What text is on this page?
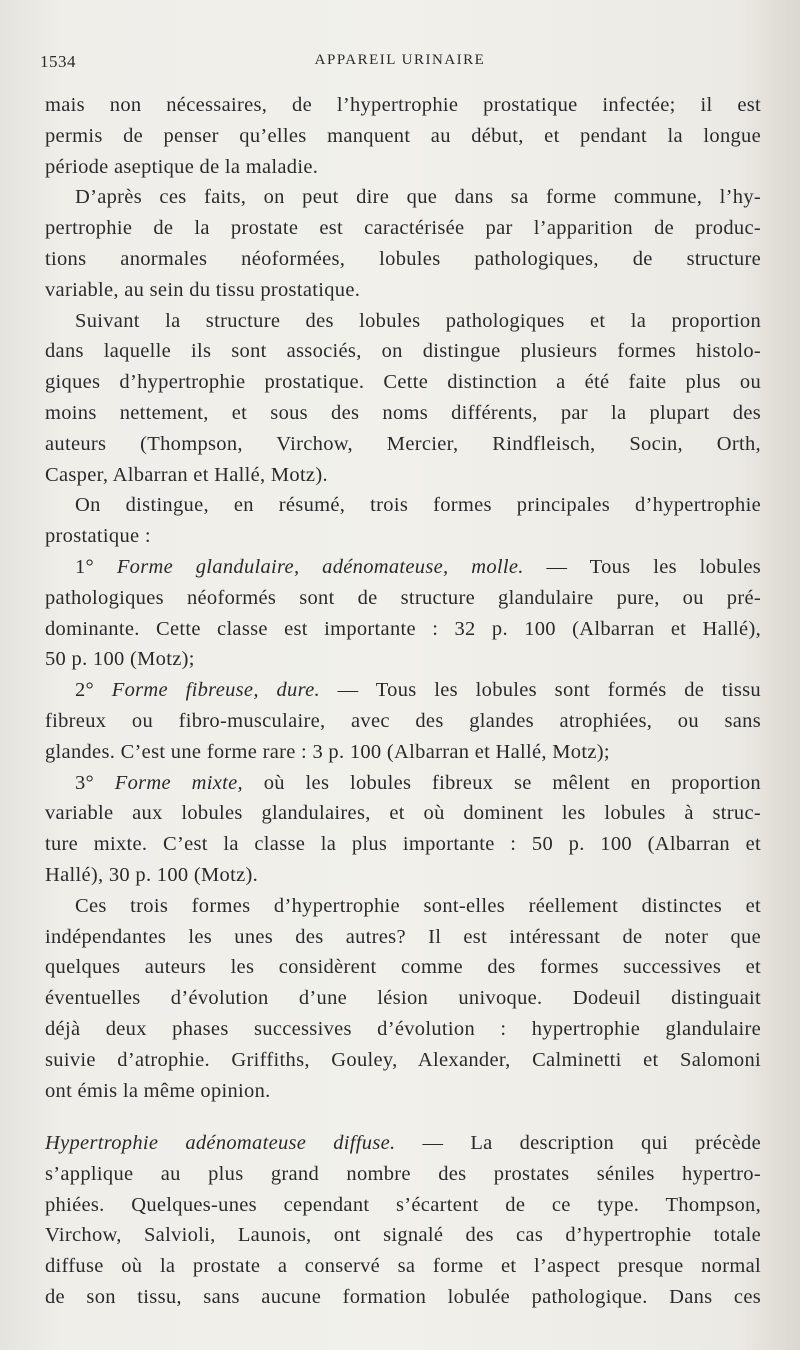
1534	APPAREIL URINAIRE
mais non nécessaires, de l’hypertrophie prostatique infectée; il est
permis de penser qu’elles manquent au début, et pendant la longue
période aseptique de la maladie.
D’après ces faits, on peut dire que dans sa forme commune, l’hy-
pertrophie de la prostate est caractérisée par l’apparition de produc-
tions anormales néoformées, lobules pathologiques, de structure
variable, au sein du tissu prostatique.
Suivant la structure des lobules pathologiques et la proportion
dans laquelle ils sont associés, on distingue plusieurs formes histolo-
giques d’hypertrophie prostatique. Cette distinction a été faite plus ou
moins nettement, et sous des noms différents, par la plupart des
auteurs (Thompson, Virchow, Mercier, Rindfleisch, Socin, Orth,
Casper, Albarran et Hallé, Motz).
On distingue, en résumé, trois formes principales d’hypertrophie
prostatique :
1° Forme glandulaire, adénomateuse, molle. — Tous les lobules
pathologiques néoformés sont de structure glandulaire pure, ou pré-
dominante. Cette classe est importante : 32 p. 100 (Albarran et Hallé),
50 p. 100 (Motz);
2° Forme fibreuse, dure. — Tous les lobules sont formés de tissu
fibreux ou fibro-musculaire, avec des glandes atrophiées, ou sans
glandes. C’est une forme rare : 3 p. 100 (Albarran et Hallé, Motz);
3° Forme mixte, où les lobules fibreux se mêlent en proportion
variable aux lobules glandulaires, et où dominent les lobules à struc-
ture mixte. C’est la classe la plus importante : 50 p. 100 (Albarran et
Hallé), 30 p. 100 (Motz).
Ces trois formes d’hypertrophie sont-elles réellement distinctes et
indépendantes les unes des autres? Il est intéressant de noter que
quelques auteurs les considèrent comme des formes successives et
éventuelles d’évolution d’une lésion univoque. Dodeuil distinguait
déjà deux phases successives d’évolution : hypertrophie glandulaire
suivie d’atrophie. Griffiths, Gouley, Alexander, Calminetti et Salomoni
ont émis la même opinion.
Hypertrophie adénomateuse diffuse. — La description qui précède
s’applique au plus grand nombre des prostates séniles hypertro-
phiées. Quelques-unes cependant s’écartent de ce type. Thompson,
Virchow, Salvioli, Launois, ont signalé des cas d’hypertrophie totale
diffuse où la prostate a conservé sa forme et l’aspect presque normal
de son tissu, sans aucune formation lobulée pathologique. Dans ces
